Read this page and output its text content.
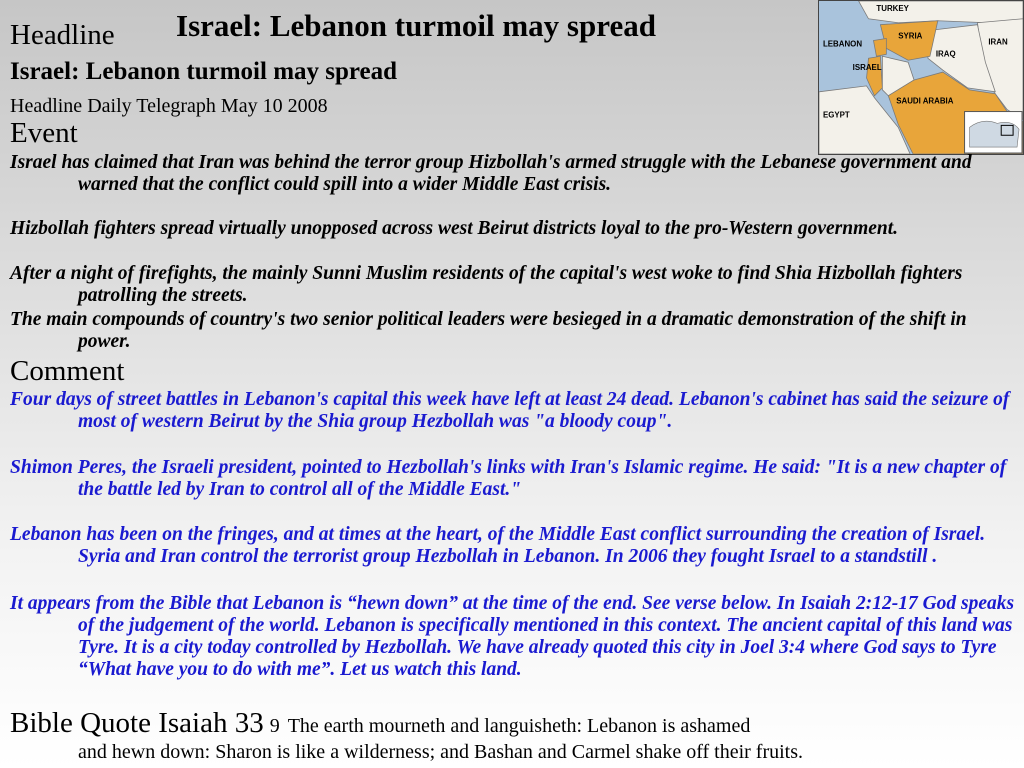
Headline Israel: Lebanon turmoil may spread
Israel: Lebanon turmoil may spread
Headline Daily Telegraph May 10 2008
TURKEY
SYRIA
IRAN
LEBANON
IRAQ
ISRAEL
SAUDI ARABIA
EGYPT
Event
Israel has claimed that Iran was behind the terror group Hizbollah's armed struggle with the Lebanese government and warned that the conflict could spill into a wider Middle East crisis.
Hizbollah fighters spread virtually unopposed across west Beirut districts loyal to the pro-Western government.
After a night of firefights, the mainly Sunni Muslim residents of the capital's west woke to find Shia Hizbollah fighters patrolling the streets.
The main compounds of country's two senior political leaders were besieged in a dramatic demonstration of the shift in power.
Comment
Four days of street battles in Lebanon's capital this week have left at least 24 dead. Lebanon's cabinet has said the seizure of most of western Beirut by the Shia group Hezbollah was "a bloody coup".
Shimon Peres, the Israeli president, pointed to Hezbollah's links with Iran's Islamic regime. He said: "It is a new chapter of the battle led by Iran to control all of the Middle East."
Lebanon has been on the fringes, and at times at the heart, of the Middle East conflict surrounding the creation of Israel. Syria and Iran control the terrorist group Hezbollah in Lebanon. In 2006 they fought Israel to a standstill .
It appears from the Bible that Lebanon is “hewn down” at the time of the end. See verse below. In Isaiah 2:12-17 God speaks of the judgement of the world. Lebanon is specifically mentioned in this context. The ancient capital of this land was Tyre. It is a city today controlled by Hezbollah. We have already quoted this city in Joel 3:4 where God says to Tyre “What have you to do with me”. Let us watch this land.
Bible Quote Isaiah 33 9 The earth mourneth and languisheth: Lebanon is ashamed
and hewn down: Sharon is like a wilderness; and Bashan and Carmel shake off their fruits.
